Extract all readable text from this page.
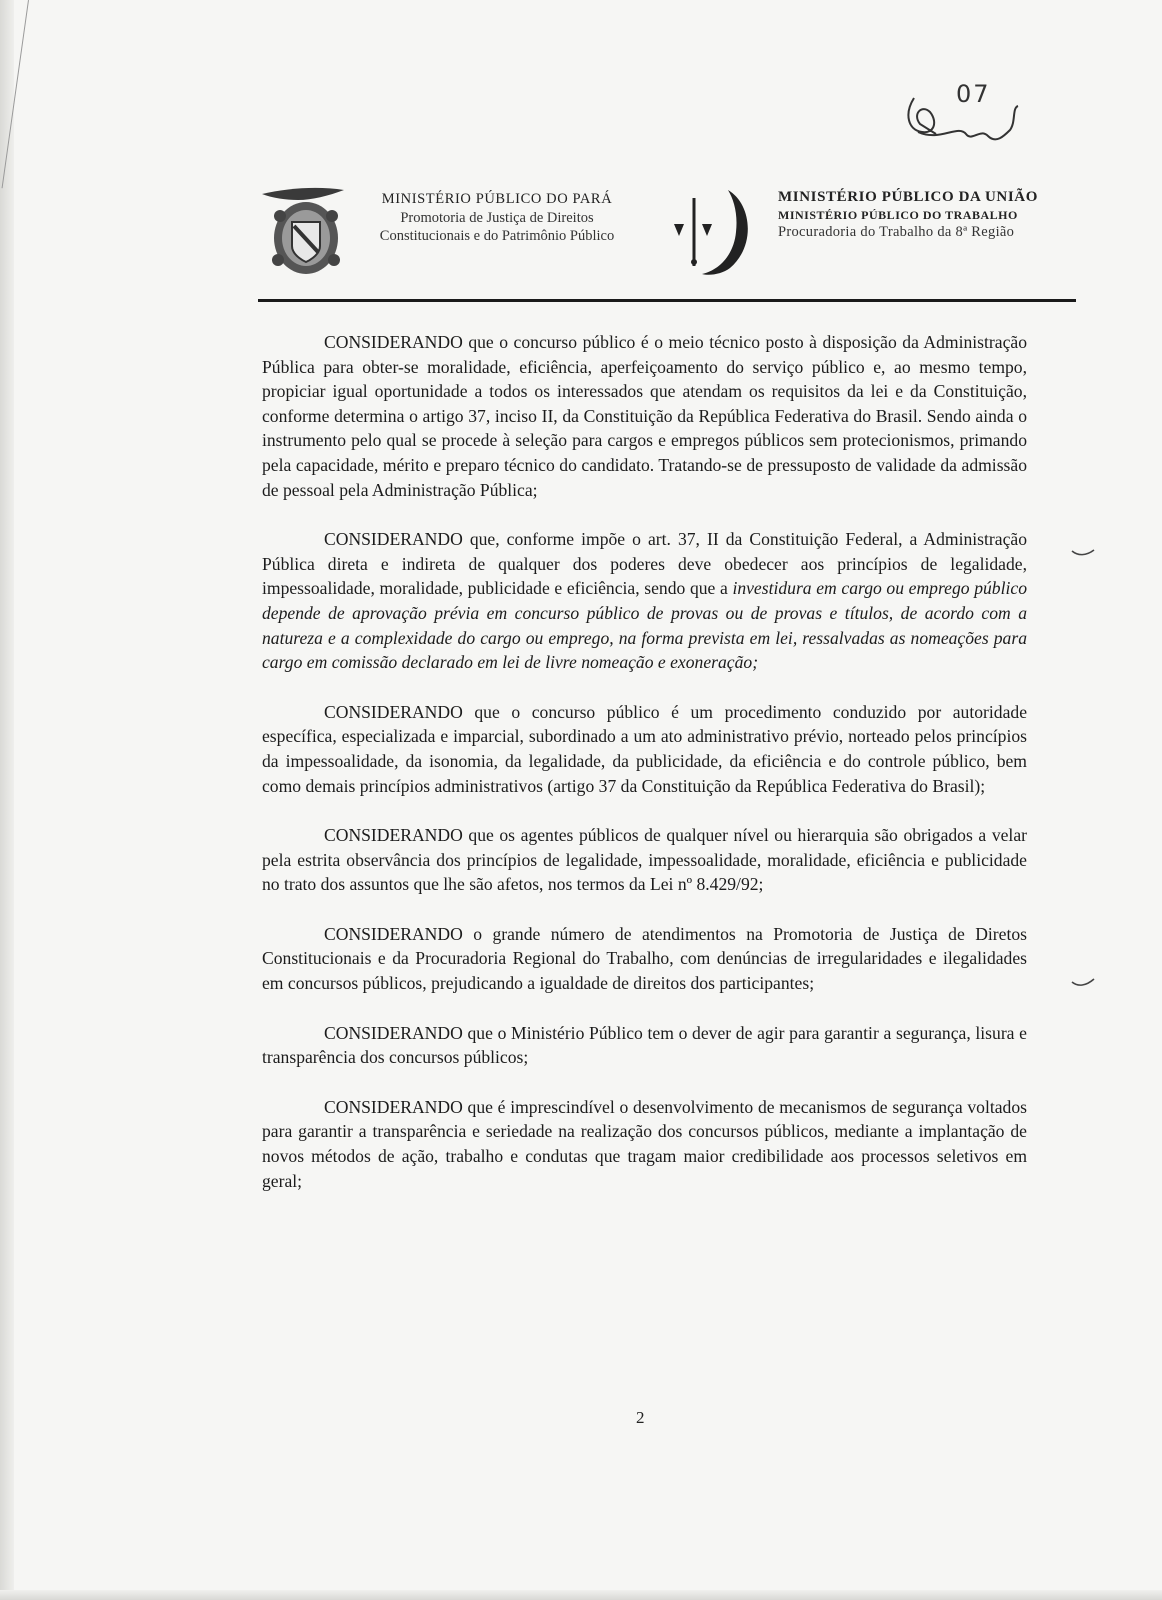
07
MINISTÉRIO PÚBLICO DO PARÁ
Promotoria de Justiça de Direitos
Constitucionais e do Patrimônio Público
MINISTÉRIO PÚBLICO DA UNIÃO
MINISTÉRIO PÚBLICO DO TRABALHO
Procuradoria do Trabalho da 8ª Região

CONSIDERANDO que o concurso público é o meio técnico posto à disposição da Administração Pública para obter-se moralidade, eficiência, aperfeiçoamento do serviço público e, ao mesmo tempo, propiciar igual oportunidade a todos os interessados que atendam os requisitos da lei e da Constituição, conforme determina o artigo 37, inciso II, da Constituição da República Federativa do Brasil. Sendo ainda o instrumento pelo qual se procede à seleção para cargos e empregos públicos sem protecionismos, primando pela capacidade, mérito e preparo técnico do candidato. Tratando-se de pressuposto de validade da admissão de pessoal pela Administração Pública;

CONSIDERANDO que, conforme impõe o art. 37, II da Constituição Federal, a Administração Pública direta e indireta de qualquer dos poderes deve obedecer aos princípios de legalidade, impessoalidade, moralidade, publicidade e eficiência, sendo que a investidura em cargo ou emprego público depende de aprovação prévia em concurso público de provas ou de provas e títulos, de acordo com a natureza e a complexidade do cargo ou emprego, na forma prevista em lei, ressalvadas as nomeações para cargo em comissão declarado em lei de livre nomeação e exoneração;

CONSIDERANDO que o concurso público é um procedimento conduzido por autoridade específica, especializada e imparcial, subordinado a um ato administrativo prévio, norteado pelos princípios da impessoalidade, da isonomia, da legalidade, da publicidade, da eficiência e do controle público, bem como demais princípios administrativos (artigo 37 da Constituição da República Federativa do Brasil);

CONSIDERANDO que os agentes públicos de qualquer nível ou hierarquia são obrigados a velar pela estrita observância dos princípios de legalidade, impessoalidade, moralidade, eficiência e publicidade no trato dos assuntos que lhe são afetos, nos termos da Lei nº 8.429/92;

CONSIDERANDO o grande número de atendimentos na Promotoria de Justiça de Diretos Constitucionais e da Procuradoria Regional do Trabalho, com denúncias de irregularidades e ilegalidades em concursos públicos, prejudicando a igualdade de direitos dos participantes;

CONSIDERANDO que o Ministério Público tem o dever de agir para garantir a segurança, lisura e transparência dos concursos públicos;

CONSIDERANDO que é imprescindível o desenvolvimento de mecanismos de segurança voltados para garantir a transparência e seriedade na realização dos concursos públicos, mediante a implantação de novos métodos de ação, trabalho e condutas que tragam maior credibilidade aos processos seletivos em geral;

2
